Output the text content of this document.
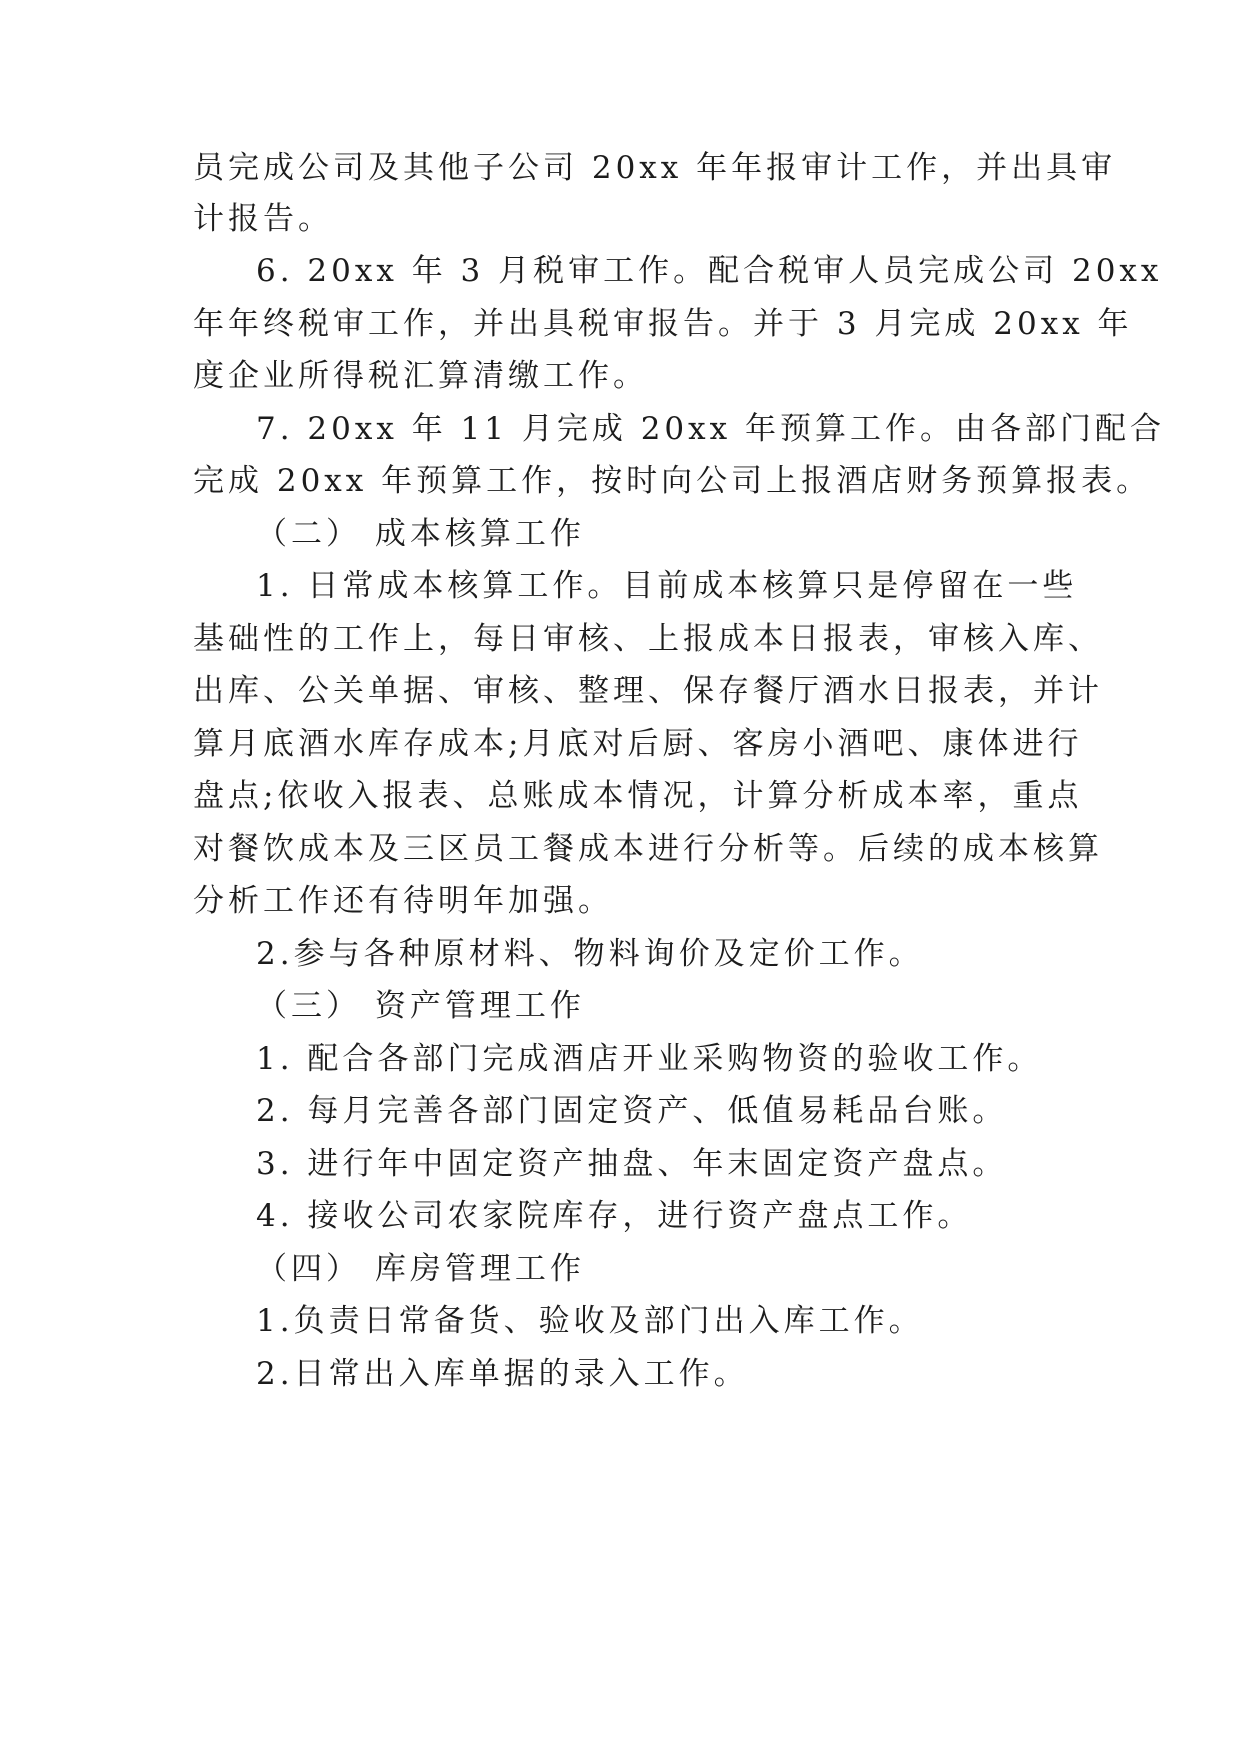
员完成公司及其他子公司 20xx 年年报审计工作，并出具审
计报告。
6. 20xx 年 3 月税审工作。配合税审人员完成公司 20xx
年年终税审工作，并出具税审报告。并于 3 月完成 20xx 年
度企业所得税汇算清缴工作。
7. 20xx 年 11 月完成 20xx 年预算工作。由各部门配合
完成 20xx 年预算工作，按时向公司上报酒店财务预算报表。
（二） 成本核算工作
1. 日常成本核算工作。目前成本核算只是停留在一些
基础性的工作上，每日审核、上报成本日报表，审核入库、
出库、公关单据、审核、整理、保存餐厅酒水日报表，并计
算月底酒水库存成本;月底对后厨、客房小酒吧、康体进行
盘点;依收入报表、总账成本情况，计算分析成本率，重点
对餐饮成本及三区员工餐成本进行分析等。后续的成本核算
分析工作还有待明年加强。
2.参与各种原材料、物料询价及定价工作。
（三） 资产管理工作
1. 配合各部门完成酒店开业采购物资的验收工作。
2. 每月完善各部门固定资产、低值易耗品台账。
3. 进行年中固定资产抽盘、年末固定资产盘点。
4. 接收公司农家院库存，进行资产盘点工作。
（四） 库房管理工作
1.负责日常备货、验收及部门出入库工作。
2.日常出入库单据的录入工作。
